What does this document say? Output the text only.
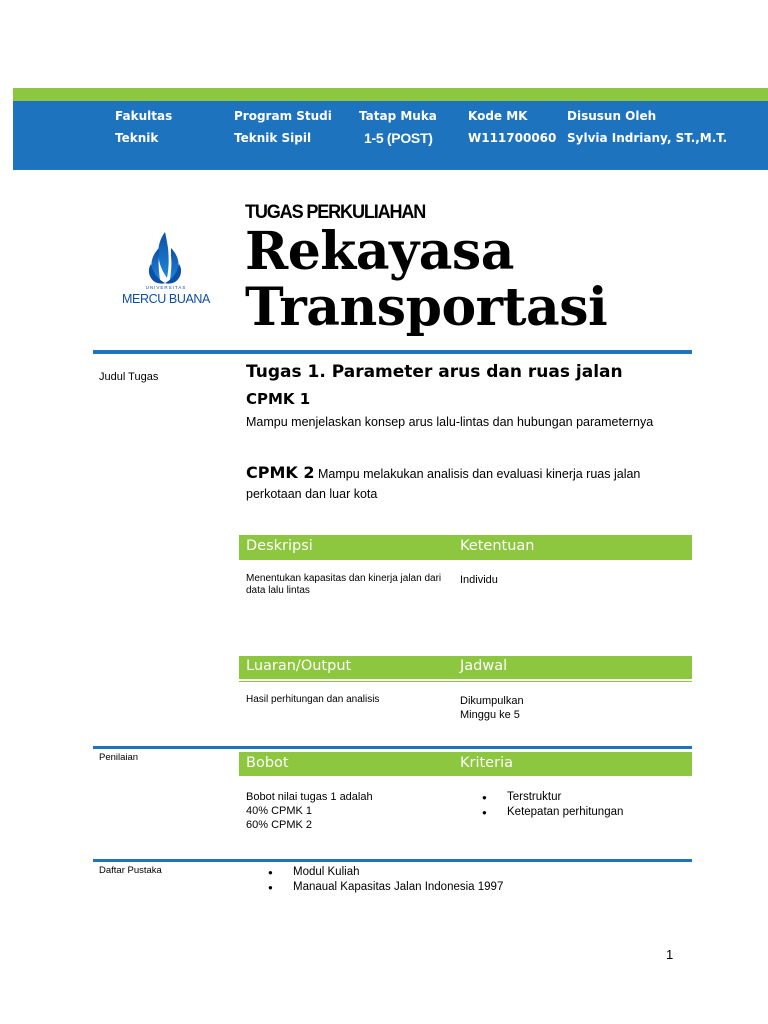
Fakultas
Teknik
Program Studi
Teknik Sipil
Tatap Muka
1-5 (POST)
Kode MK
W111700060
Disusun Oleh
Sylvia Indriany, ST.,M.T.
UNIVERSITAS
MERCU BUANA
TUGAS PERKULIAHAN
Rekayasa
Transportasi
Judul Tugas	Tugas 1. Parameter arus dan ruas jalan
CPMK 1
Mampu menjelaskan konsep arus lalu-lintas dan hubungan parameternya
CPMK 2 Mampu melakukan analisis dan evaluasi kinerja ruas jalan perkotaan dan luar kota
Deskripsi	Ketentuan
Menentukan kapasitas dan kinerja jalan dari data lalu lintas
Individu
Luaran/Output	Jadwal
Hasil perhitungan dan analisis	Dikumpulkan
Minggu ke 5
Penilaian	Bobot	Kriteria
Bobot nilai tugas 1 adalah
40% CPMK 1
60% CPMK 2
● Terstruktur
● Ketepatan perhitungan
Daftar Pustaka
●	Modul Kuliah
● Manaual Kapasitas Jalan Indonesia 1997
1
